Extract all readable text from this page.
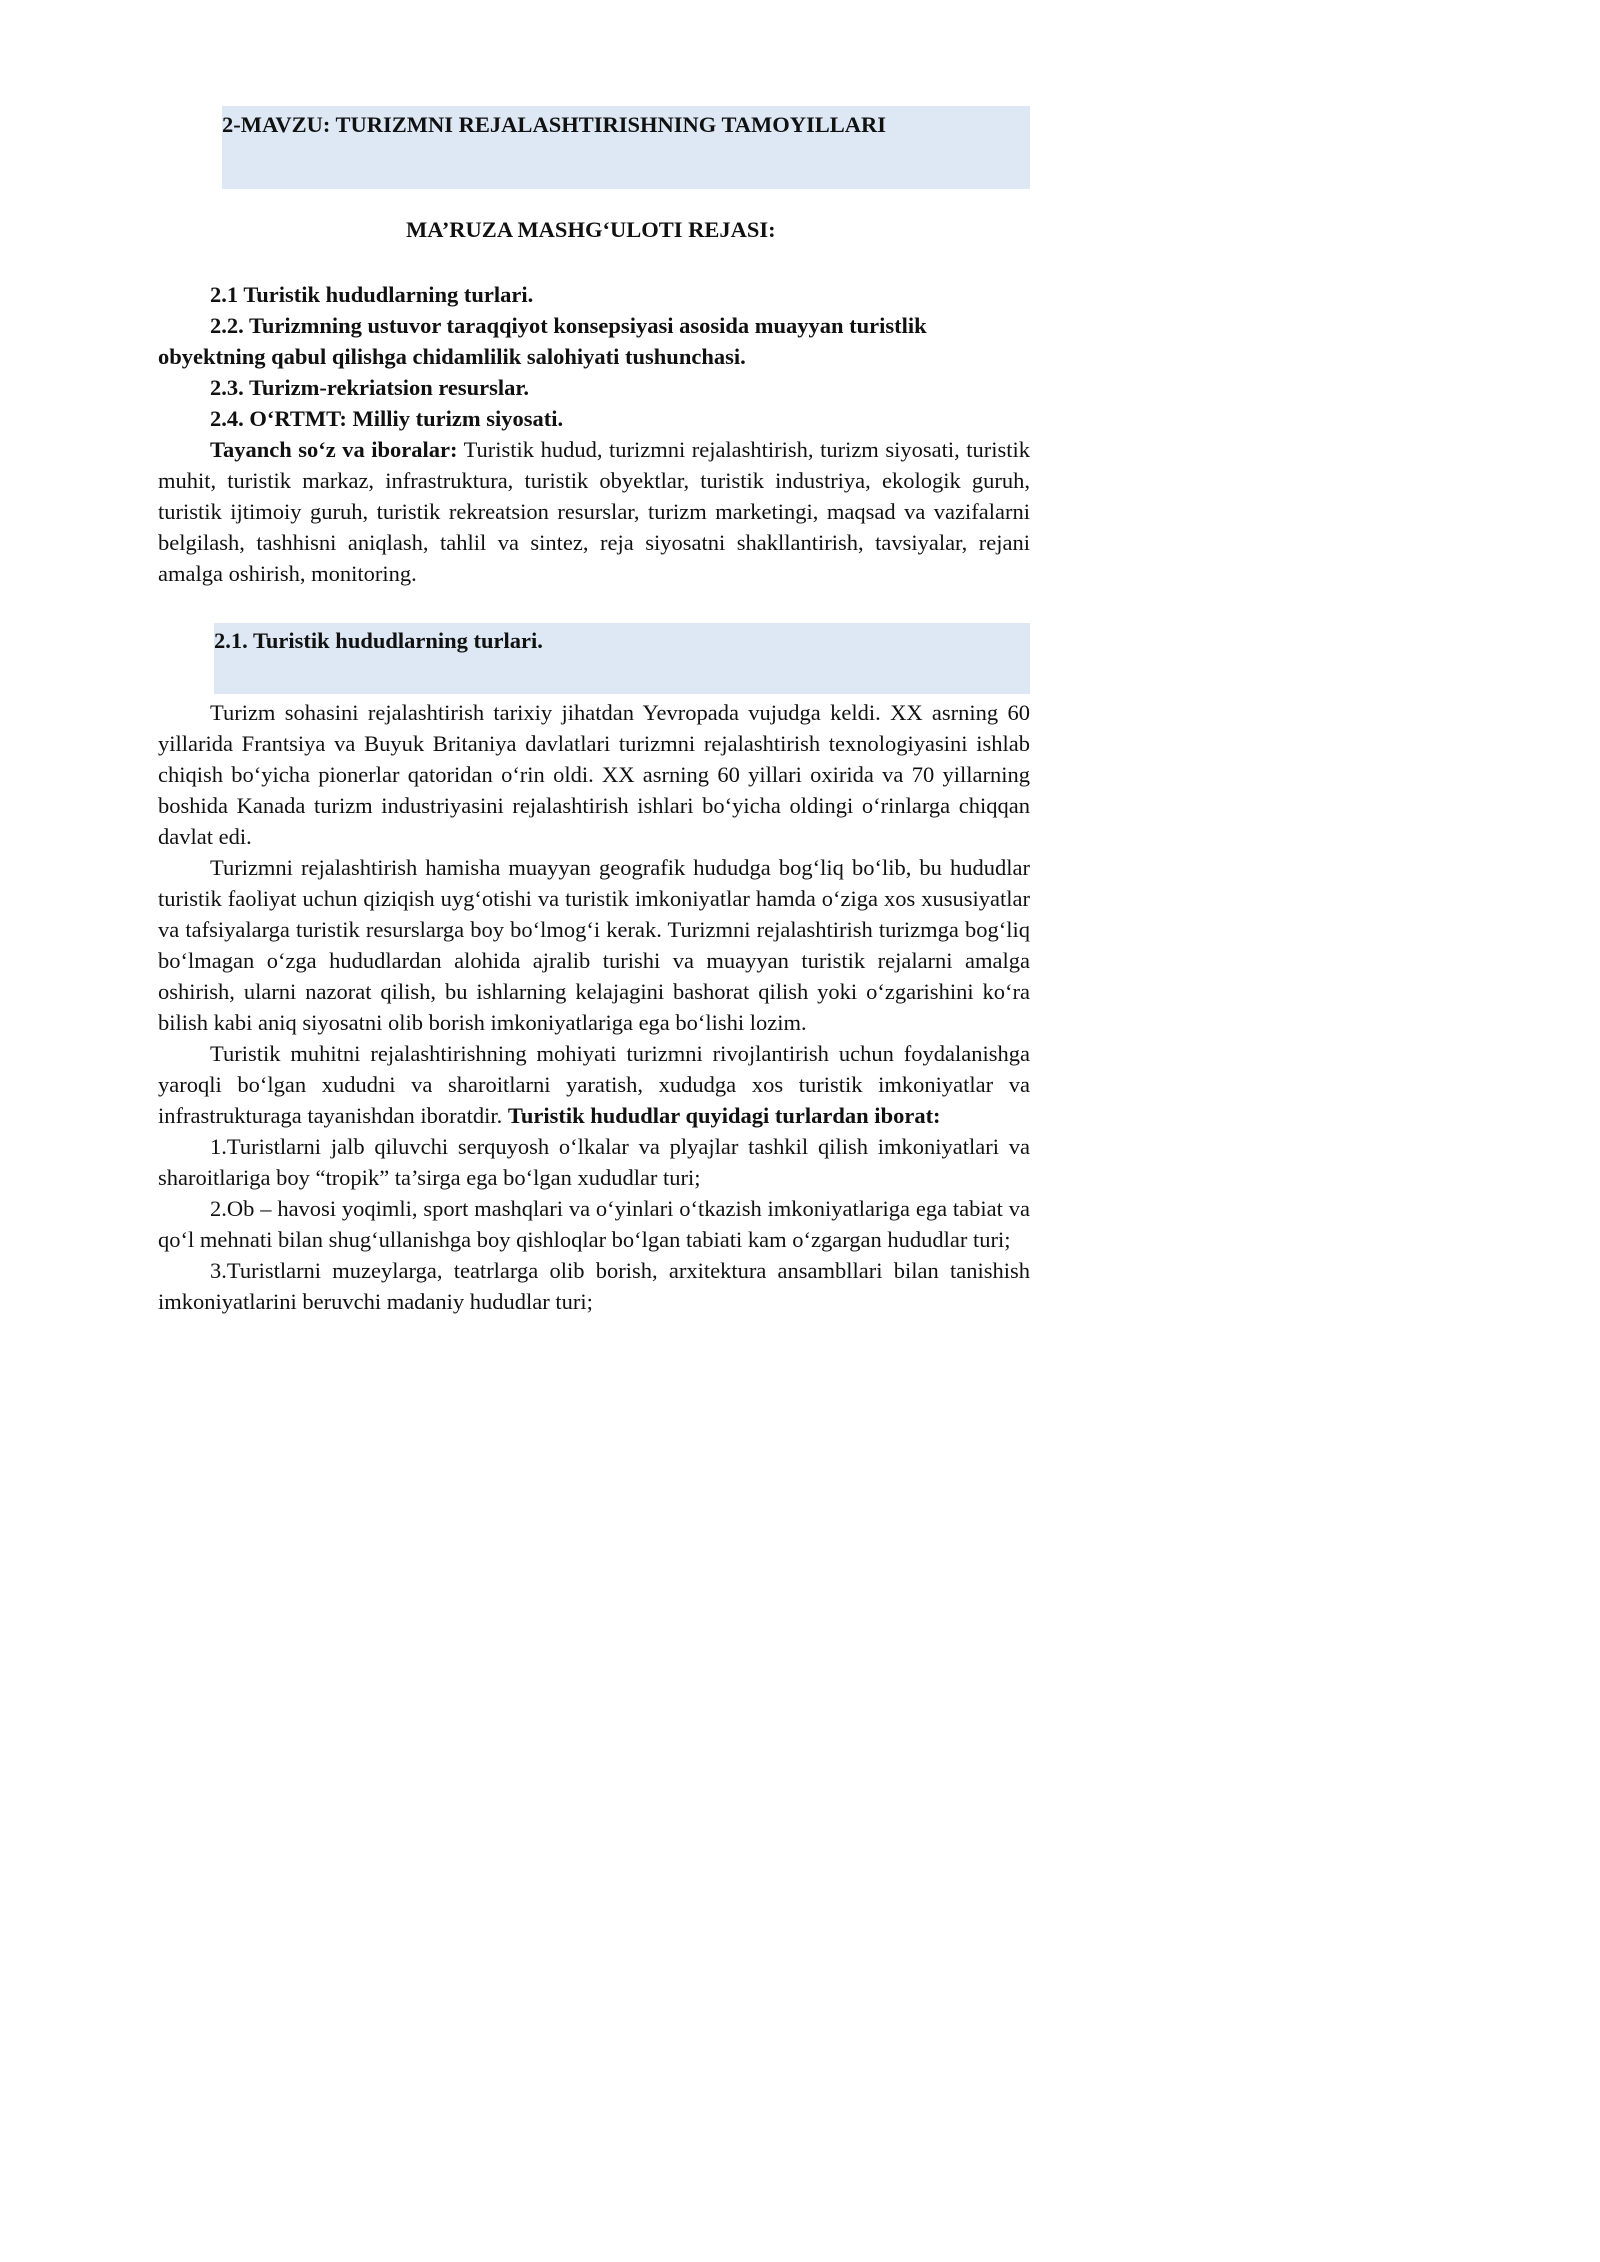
2-MAVZU: TURIZMNI REJALASHTIRISHNING TAMOYILLARI
MA’RUZA MASHG‘ULOTI REJASI:

2.1 Turistik hududlarning turlari.

2.2. Turizmning ustuvor taraqqiyot konsepsiyasi asosida muayyan turistlik obyektning qabul qilishga chidamlilik salohiyati tushunchasi.

2.3. Turizm-rekriatsion resurslar.

2.4. O‘RTMT: Milliy turizm siyosati.

Tayanch so‘z va iboralar: Turistik hudud, turizmni rejalashtirish, turizm siyosati, turistik muhit, turistik markaz, infrastruktura, turistik obyektlar, turistik industriya, ekologik guruh, turistik ijtimoiy guruh, turistik rekreatsion resurslar, turizm marketingi, maqsad va vazifalarni belgilash, tashhisni aniqlash, tahlil va sintez, reja siyosatni shakllantirish, tavsiyalar, rejani amalga oshirish, monitoring.

2.1. Turistik hududlarning turlari.

Turizm sohasini rejalashtirish tarixiy jihatdan Yevropada vujudga keldi. XX asrning 60 yillarida Frantsiya va Buyuk Britaniya davlatlari turizmni rejalashtirish texnologiyasini ishlab chiqish bo‘yicha pionerlar qatoridan o‘rin oldi. XX asrning 60 yillari oxirida va 70 yillarning boshida Kanada turizm industriyasini rejalashtirish ishlari bo‘yicha oldingi o‘rinlarga chiqqan davlat edi.

Turizmni rejalashtirish hamisha muayyan geografik hududga bog‘liq bo‘lib, bu hududlar turistik faoliyat uchun qiziqish uyg‘otishi va turistik imkoniyatlar hamda o‘ziga xos xususiyatlar va tafsiyalarga turistik resurslarga boy bo‘lmog‘i kerak. Turizmni rejalashtirish turizmga bog‘liq bo‘lmagan o‘zga hududlardan alohida ajralib turishi va muayyan turistik rejalarni amalga oshirish, ularni nazorat qilish, bu ishlarning kelajagini bashorat qilish yoki o‘zgarishini ko‘ra bilish kabi aniq siyosatni olib borish imkoniyatlariga ega bo‘lishi lozim.

Turistik muhitni rejalashtirishning mohiyati turizmni rivojlantirish uchun foydalanishga yaroqli bo‘lgan xududni va sharoitlarni yaratish, xududga xos turistik imkoniyatlar va infrastrukturaga tayanishdan iboratdir. Turistik hududlar quyidagi turlardan iborat:

1.Turistlarni jalb qiluvchi serquyosh o‘lkalar va plyajlar tashkil qilish imkoniyatlari va sharoitlariga boy “tropik” ta’sirga ega bo‘lgan xududlar turi;

2.Ob – havosi yoqimli, sport mashqlari va o‘yinlari o‘tkazish imkoniyatlariga ega tabiat va qo‘l mehnati bilan shug‘ullanishga boy qishloqlar bo‘lgan tabiati kam o‘zgargan hududlar turi;

3.Turistlarni muzeylarga, teatrlarga olib borish, arxitektura ansambllari bilan tanishish imkoniyatlarini beruvchi madaniy hududlar turi;
